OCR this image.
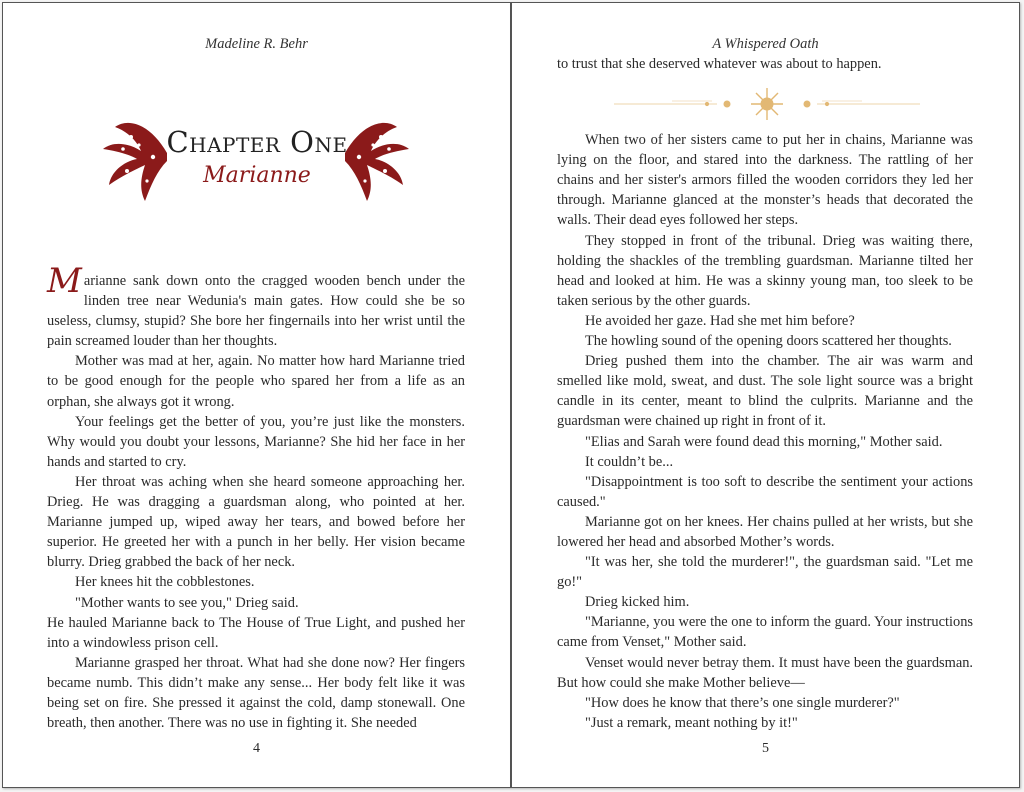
Madeline R. Behr
Chapter One
Marianne

Marianne sank down onto the cragged wooden bench under the linden tree near Wedunia's main gates. How could she be so useless, clumsy, stupid? She bore her fingernails into her wrist until the pain screamed louder than her thoughts.

Mother was mad at her, again. No matter how hard Marianne tried to be good enough for the people who spared her from a life as an orphan, she always got it wrong.

Your feelings get the better of you, you’re just like the monsters. Why would you doubt your lessons, Marianne? She hid her face in her hands and started to cry.

Her throat was aching when she heard someone approaching her. Drieg. He was dragging a guardsman along, who pointed at her. Marianne jumped up, wiped away her tears, and bowed before her superior. He greeted her with a punch in her belly. Her vision became blurry. Drieg grabbed the back of her neck.

Her knees hit the cobblestones.

"Mother wants to see you," Drieg said.

He hauled Marianne back to The House of True Light, and pushed her into a windowless prison cell.

Marianne grasped her throat. What had she done now? Her fingers became numb. This didn’t make any sense... Her body felt like it was being set on fire. She pressed it against the cold, damp stonewall. One breath, then another. There was no use in fighting it. She needed

4
A Whispered Oath

to trust that she deserved whatever was about to happen.

When two of her sisters came to put her in chains, Marianne was lying on the floor, and stared into the darkness. The rattling of her chains and her sister's armors filled the wooden corridors they led her through. Marianne glanced at the monster’s heads that decorated the walls. Their dead eyes followed her steps.

They stopped in front of the tribunal. Drieg was waiting there, holding the shackles of the trembling guardsman. Marianne tilted her head and looked at him. He was a skinny young man, too sleek to be taken serious by the other guards.

He avoided her gaze. Had she met him before?

The howling sound of the opening doors scattered her thoughts.

Drieg pushed them into the chamber. The air was warm and smelled like mold, sweat, and dust. The sole light source was a bright candle in its center, meant to blind the culprits. Marianne and the guardsman were chained up right in front of it.

"Elias and Sarah were found dead this morning," Mother said.

It couldn’t be...

"Disappointment is too soft to describe the sentiment your actions caused."

Marianne got on her knees. Her chains pulled at her wrists, but she lowered her head and absorbed Mother’s words.

"It was her, she told the murderer!", the guardsman said. "Let me go!"

Drieg kicked him.

"Marianne, you were the one to inform the guard. Your instructions came from Venset," Mother said.

Venset would never betray them. It must have been the guardsman. But how could she make Mother believe—

"How does he know that there’s one single murderer?"

"Just a remark, meant nothing by it!"

5
